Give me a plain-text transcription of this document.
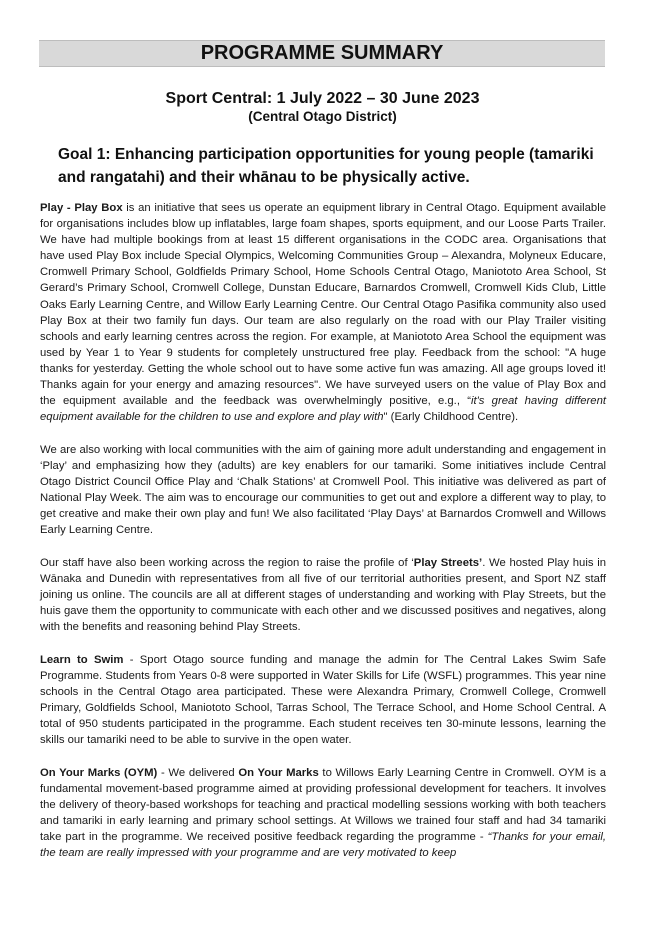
PROGRAMME SUMMARY
Sport Central: 1 July 2022 – 30 June 2023
(Central Otago District)
Goal 1: Enhancing participation opportunities for young people (tamariki and rangatahi) and their whānau to be physically active.

Play - Play Box is an initiative that sees us operate an equipment library in Central Otago. Equipment available for organisations includes blow up inflatables, large foam shapes, sports equipment, and our Loose Parts Trailer. We have had multiple bookings from at least 15 different organisations in the CODC area. Organisations that have used Play Box include Special Olympics, Welcoming Communities Group – Alexandra, Molyneux Educare, Cromwell Primary School, Goldfields Primary School, Home Schools Central Otago, Maniototo Area School, St Gerard’s Primary School, Cromwell College, Dunstan Educare, Barnardos Cromwell, Cromwell Kids Club, Little Oaks Early Learning Centre, and Willow Early Learning Centre. Our Central Otago Pasifika community also used Play Box at their two family fun days. Our team are also regularly on the road with our Play Trailer visiting schools and early learning centres across the region. For example, at Maniototo Area School the equipment was used by Year 1 to Year 9 students for completely unstructured free play. Feedback from the school: "A huge thanks for yesterday. Getting the whole school out to have some active fun was amazing. All age groups loved it! Thanks again for your energy and amazing resources". We have surveyed users on the value of Play Box and the equipment available and the feedback was overwhelmingly positive, e.g., “it's great having different equipment available for the children to use and explore and play with" (Early Childhood Centre).

We are also working with local communities with the aim of gaining more adult understanding and engagement in ‘Play’ and emphasizing how they (adults) are key enablers for our tamariki. Some initiatives include Central Otago District Council Office Play and ‘Chalk Stations’ at Cromwell Pool. This initiative was delivered as part of National Play Week. The aim was to encourage our communities to get out and explore a different way to play, to get creative and make their own play and fun! We also facilitated ‘Play Days’ at Barnardos Cromwell and Willows Early Learning Centre.

Our staff have also been working across the region to raise the profile of ‘Play Streets’. We hosted Play huis in Wānaka and Dunedin with representatives from all five of our territorial authorities present, and Sport NZ staff joining us online. The councils are all at different stages of understanding and working with Play Streets, but the huis gave them the opportunity to communicate with each other and we discussed positives and negatives, along with the benefits and reasoning behind Play Streets.

Learn to Swim - Sport Otago source funding and manage the admin for The Central Lakes Swim Safe Programme. Students from Years 0-8 were supported in Water Skills for Life (WSFL) programmes. This year nine schools in the Central Otago area participated. These were Alexandra Primary, Cromwell College, Cromwell Primary, Goldfields School, Maniototo School, Tarras School, The Terrace School, and Home School Central. A total of 950 students participated in the programme. Each student receives ten 30-minute lessons, learning the skills our tamariki need to be able to survive in the open water.

On Your Marks (OYM) - We delivered On Your Marks to Willows Early Learning Centre in Cromwell. OYM is a fundamental movement-based programme aimed at providing professional development for teachers. It involves the delivery of theory-based workshops for teaching and practical modelling sessions working with both teachers and tamariki in early learning and primary school settings. At Willows we trained four staff and had 34 tamariki take part in the programme. We received positive feedback regarding the programme - “Thanks for your email, the team are really impressed with your programme and are very motivated to keep
